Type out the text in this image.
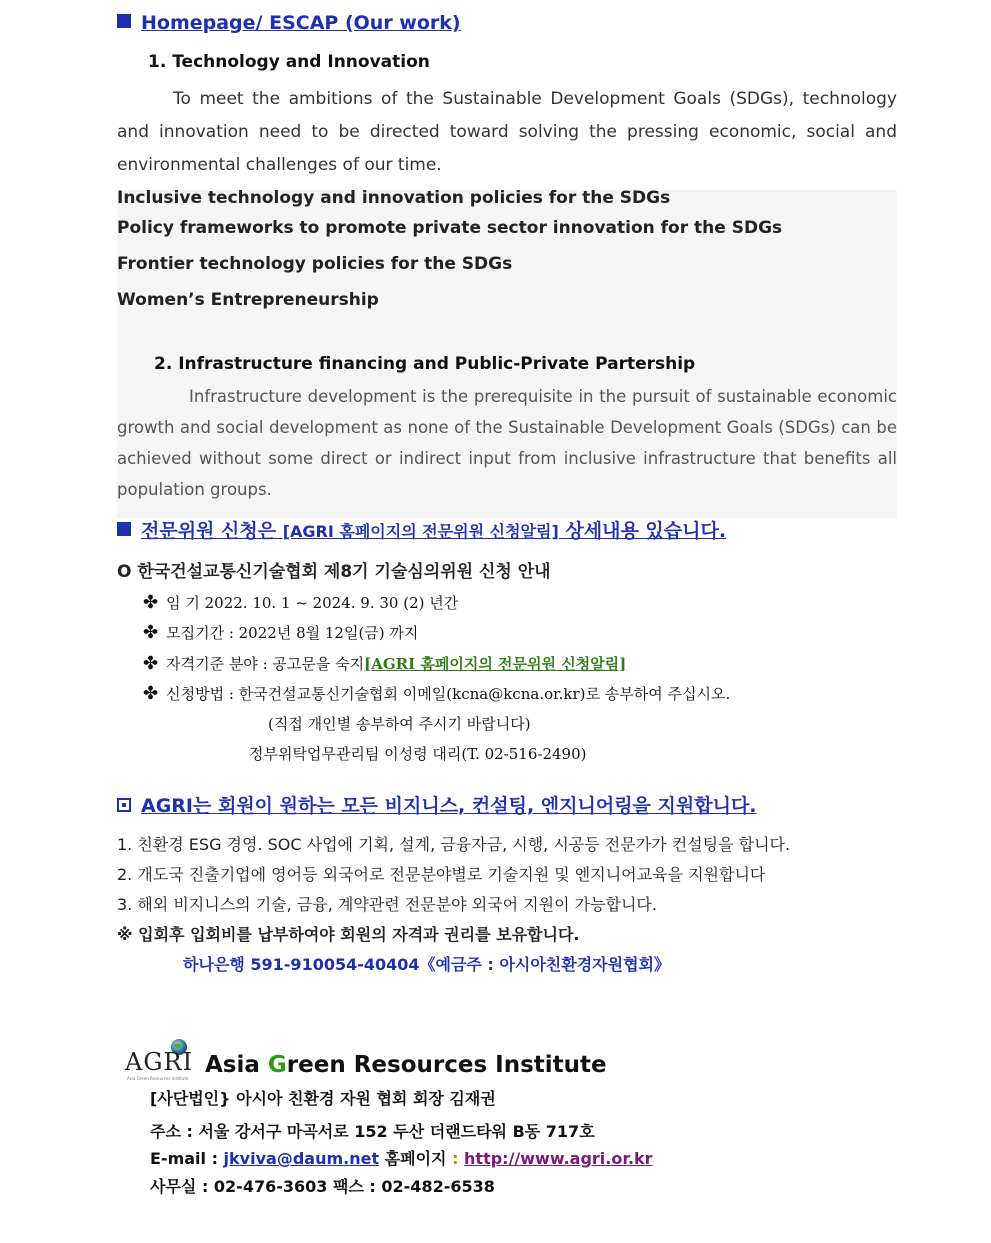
Homepage/ ESCAP (Our work)
1. Technology and Innovation
To meet the ambitions of the Sustainable Development Goals (SDGs), technology and innovation need to be directed toward solving the pressing economic, social and environmental challenges of our time.
Inclusive technology and innovation policies for the SDGs
Policy frameworks to promote private sector innovation for the SDGs
Frontier technology policies for the SDGs
Women’s Entrepreneurship
2. Infrastructure financing and Public-Private Partership
Infrastructure development is the prerequisite in the pursuit of sustainable economic growth and social development as none of the Sustainable Development Goals (SDGs) can be achieved without some direct or indirect input from inclusive infrastructure that benefits all population groups.
전문위원 신청은 [AGRI 홈페이지의 전문위원 신청알림] 상세내용 있습니다.
O 한국건설교통신기술협회 제8기 기술심의위원 신청 안내
✤ 임 기 2022. 10. 1 ~ 2024. 9. 30 (2) 년간
✤ 모집기간 : 2022년 8월 12일(금) 까지
✤ 자격기준 분야 : 공고문을 숙지[AGRI 홈페이지의 전문위원 신청알림]
✤ 신청방법 : 한국건설교통신기술협회 이메일(kcna@kcna.or.kr)로 송부하여 주십시오.
(직접 개인별 송부하여 주시기 바랍니다)
정부위탁업무관리팀 이성령 대리(T. 02-516-2490)
AGRI는 회원이 원하는 모든 비지니스, 컨설팅, 엔지니어링을 지원합니다.
1. 친환경 ESG 경영. SOC 사업에 기획, 설계, 금융자금, 시행, 시공등 전문가가 컨설팅을 합니다.
2. 개도국 진출기업에 영어등 외국어로 전문분야별로 기술지원 및 엔지니어교육을 지원합니다
3. 해외 비지니스의 기술, 금융, 계약관련 전문분야 외국어 지원이 가능합니다.
※ 입회후 입회비를 납부하여야 회원의 자격과 권리를 보유합니다.
하나은행 591-910054-40404《예금주 : 아시아친환경자원협회》
AGRI
Asia Green Resources Institute
Asia Green Resources Institute
[사단법인} 아시아 친환경 자원 협회 회장 김재권
주소 : 서울 강서구 마곡서로 152 두산 더랜드타워 B동 717호
E-mail : jkviva@daum.net 홈페이지 : http://www.agri.or.kr
사무실 : 02-476-3603 팩스 : 02-482-6538
